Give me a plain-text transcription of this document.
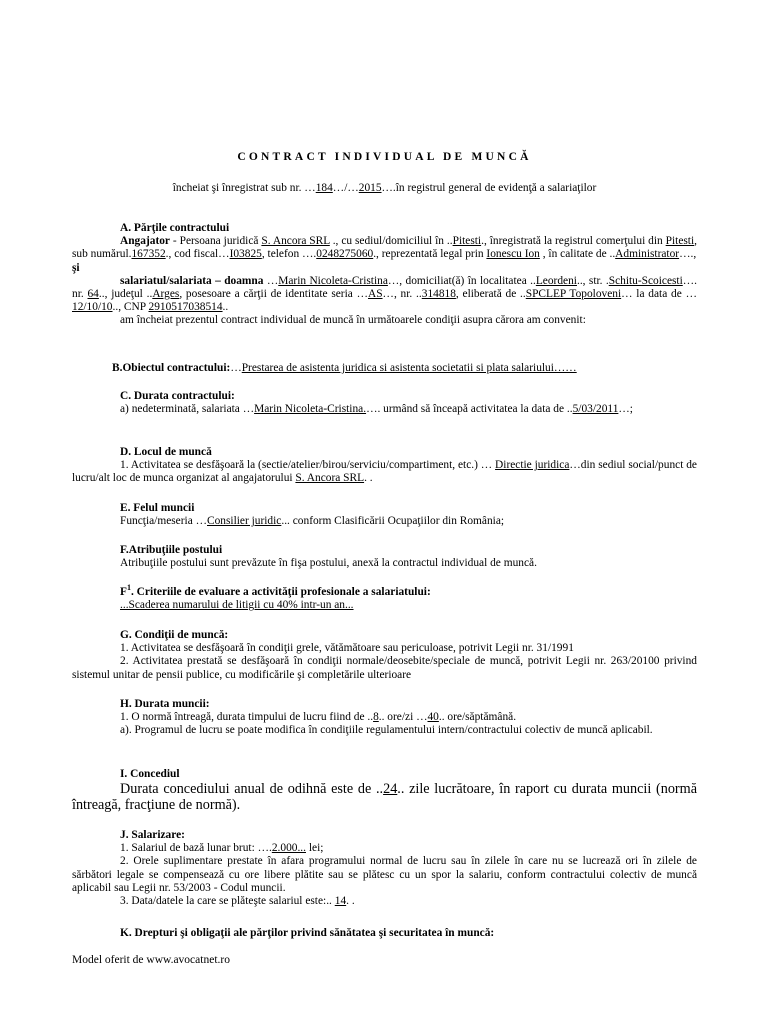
CONTRACT INDIVIDUAL DE MUNCĂ
încheiat şi înregistrat sub nr. …184…/…2015….în registrul general de evidenţă a salariaţilor
A. Părţile contractului
Angajator - Persoana juridică S. Ancora SRL ., cu sediul/domiciliul în ..Pitesti., înregistrată la registrul comerţului din Pitesti, sub numărul.167352., cod fiscal…I03825, telefon ….0248275060., reprezentată legal prin Ionescu Ion , în calitate de ..Administrator….,
şi
salariatul/salariata – doamna …Marin Nicoleta-Cristina…, domiciliat(ă) în localitatea ..Leordeni.., str. .Schitu-Scoicesti…. nr. 64.., judeţul ..Arges, posesoare a cărţii de identitate seria …AS…, nr. ..314818, eliberată de ..SPCLEP Topoloveni… la data de …12/10/10.., CNP 2910517038514..
am încheiat prezentul contract individual de muncă în următoarele condiţii asupra cărora am convenit:
B.Obiectul contractului:…Prestarea de asistenta juridica si asistenta societatii si plata salariului……
C. Durata contractului:
a) nedeterminată, salariata …Marin Nicoleta-Cristina.…. urmând să înceapă activitatea la data de ..5/03/2011…;
D. Locul de muncă
1. Activitatea se desfăşoară la (sectie/atelier/birou/serviciu/compartiment, etc.) … Directie juridica…din sediul social/punct de lucru/alt loc de munca organizat al angajatorului S. Ancora SRL. .
E. Felul muncii
Funcţia/meseria …Consilier juridic... conform Clasificării Ocupaţiilor din România;
F.Atribuţiile postului
Atribuţiile postului sunt prevăzute în fişa postului, anexă la contractul individual de muncă.
$F^1$. Criteriile de evaluare a activităţii profesionale a salariatului:
...Scaderea numarului de litigii cu 40% intr-un an...
G. Condiţii de muncă:
1. Activitatea se desfăşoară în condiţii grele, vătămătoare sau periculoase, potrivit Legii nr. 31/1991
2. Activitatea prestată se desfăşoară în condiţii normale/deosebite/speciale de muncă, potrivit Legii nr. 263/20100 privind sistemul unitar de pensii publice, cu modificările şi completările ulterioare
H. Durata muncii:
1. O normă întreagă, durata timpului de lucru fiind de ..8.. ore/zi …40.. ore/săptămână.
a). Programul de lucru se poate modifica în condiţiile regulamentului intern/contractului colectiv de muncă aplicabil.
I. Concediul
Durata concediului anual de odihnă este de ..24.. zile lucrătoare, în raport cu durata muncii (normă întreagă, fracţiune de normă).
J. Salarizare:
1. Salariul de bază lunar brut: ….2.000... lei;
2. Orele suplimentare prestate în afara programului normal de lucru sau în zilele în care nu se lucrează ori în zilele de sărbători legale se compensează cu ore libere plătite sau se plătesc cu un spor la salariu, conform contractului colectiv de muncă aplicabil sau Legii nr. 53/2003 - Codul muncii.
3. Data/datele la care se plăteşte salariul este:.. 14. .
K. Drepturi şi obligaţii ale părţilor privind sănătatea şi securitatea în muncă:
Model oferit de www.avocatnet.ro
